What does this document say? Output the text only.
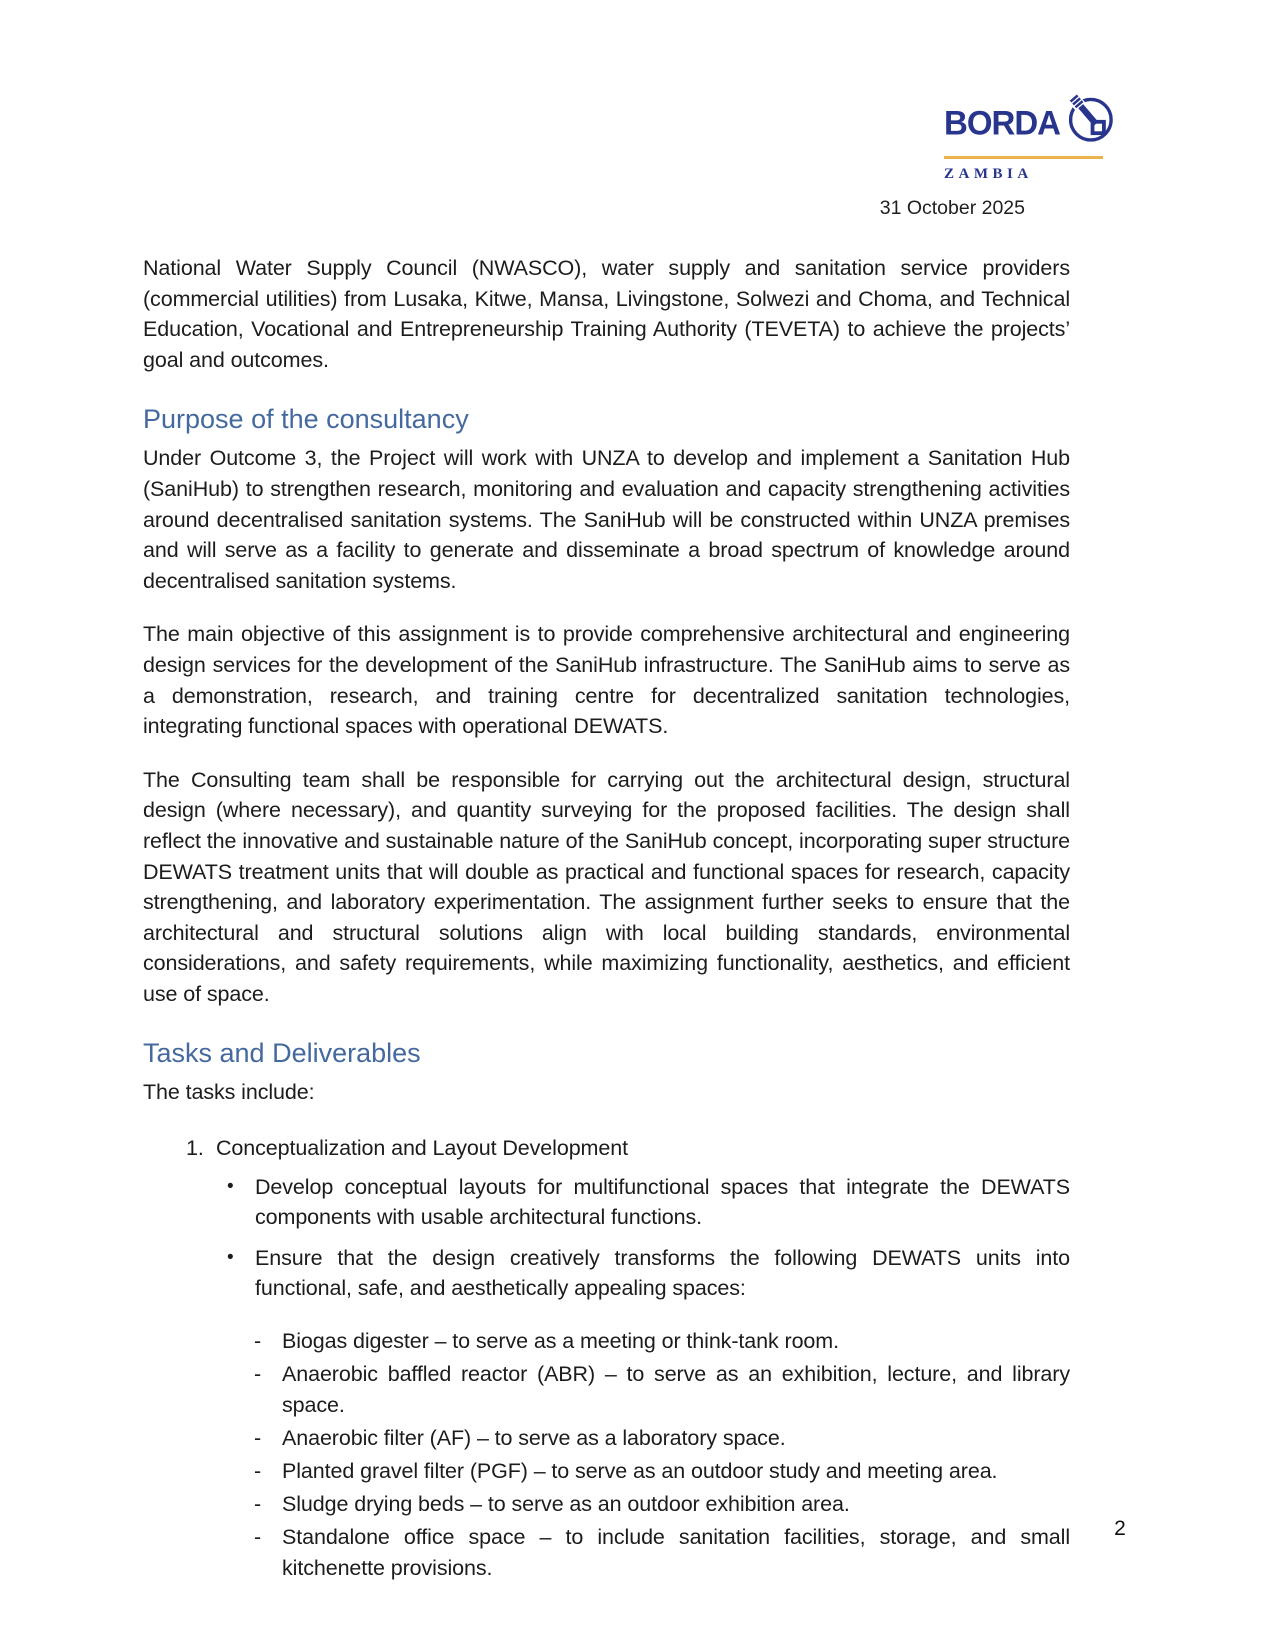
BORDA
ZAMBIA
31 October 2025

National Water Supply Council (NWASCO), water supply and sanitation service providers (commercial utilities) from Lusaka, Kitwe, Mansa, Livingstone, Solwezi and Choma, and Technical Education, Vocational and Entrepreneurship Training Authority (TEVETA) to achieve the projects’ goal and outcomes.

Purpose of the consultancy

Under Outcome 3, the Project will work with UNZA to develop and implement a Sanitation Hub (SaniHub) to strengthen research, monitoring and evaluation and capacity strengthening activities around decentralised sanitation systems. The SaniHub will be constructed within UNZA premises and will serve as a facility to generate and disseminate a broad spectrum of knowledge around decentralised sanitation systems.

The main objective of this assignment is to provide comprehensive architectural and engineering design services for the development of the SaniHub infrastructure. The SaniHub aims to serve as a demonstration, research, and training centre for decentralized sanitation technologies, integrating functional spaces with operational DEWATS.

The Consulting team shall be responsible for carrying out the architectural design, structural design (where necessary), and quantity surveying for the proposed facilities. The design shall reflect the innovative and sustainable nature of the SaniHub concept, incorporating super structure DEWATS treatment units that will double as practical and functional spaces for research, capacity strengthening, and laboratory experimentation. The assignment further seeks to ensure that the architectural and structural solutions align with local building standards, environmental considerations, and safety requirements, while maximizing functionality, aesthetics, and efficient use of space.

Tasks and Deliverables

The tasks include:

1. Conceptualization and Layout Development
• Develop conceptual layouts for multifunctional spaces that integrate the DEWATS components with usable architectural functions.
• Ensure that the design creatively transforms the following DEWATS units into functional, safe, and aesthetically appealing spaces:
- Biogas digester – to serve as a meeting or think-tank room.
- Anaerobic baffled reactor (ABR) – to serve as an exhibition, lecture, and library space.
- Anaerobic filter (AF) – to serve as a laboratory space.
- Planted gravel filter (PGF) – to serve as an outdoor study and meeting area.
- Sludge drying beds – to serve as an outdoor exhibition area.
- Standalone office space – to include sanitation facilities, storage, and small kitchenette provisions.
2
